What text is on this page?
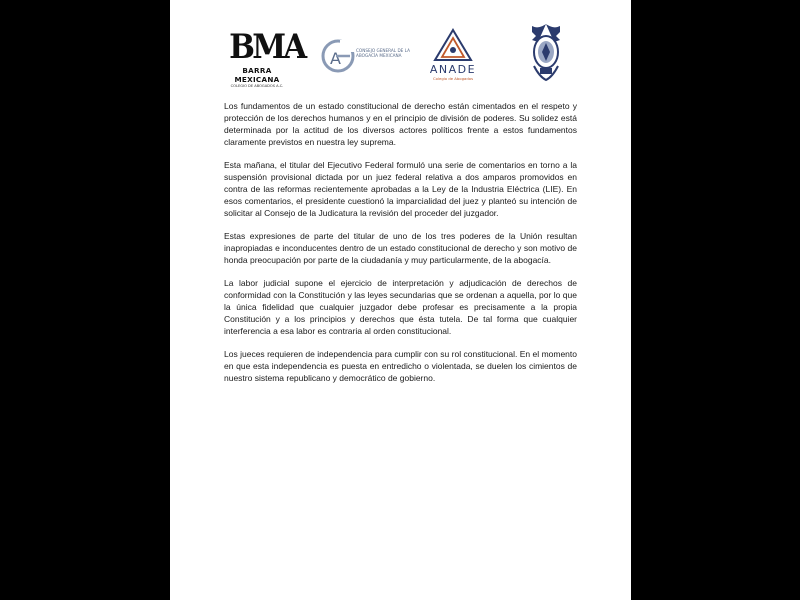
BMA
BARRA MEXICANA
COLEGIO DE ABOGADOS A.C.
A	CONSEJO GENERAL DE LA ABOGACÍA MEXICANA
ANADE
Colegio de Abogados

Los fundamentos de un estado constitucional de derecho están cimentados en el respeto y protección de los derechos humanos y en el principio de división de poderes. Su solidez está determinada por la actitud de los diversos actores políticos frente a estos fundamentos claramente previstos en nuestra ley suprema.

Esta mañana, el titular del Ejecutivo Federal formuló una serie de comentarios en torno a la suspensión provisional dictada por un juez federal relativa a dos amparos promovidos en contra de las reformas recientemente aprobadas a la Ley de la Industria Eléctrica (LIE). En esos comentarios, el presidente cuestionó la imparcialidad del juez y planteó su intención de solicitar al Consejo de la Judicatura la revisión del proceder del juzgador.

Estas expresiones de parte del titular de uno de los tres poderes de la Unión resultan inapropiadas e inconducentes dentro de un estado constitucional de derecho y son motivo de honda preocupación por parte de la ciudadanía y muy particularmente, de la abogacía.

La labor judicial supone el ejercicio de interpretación y adjudicación de derechos de conformidad con la Constitución y las leyes secundarias que se ordenan a aquella, por lo que la única fidelidad que cualquier juzgador debe profesar es precisamente a la propia Constitución y a los principios y derechos que ésta tutela. De tal forma que cualquier interferencia a esa labor es contraria al orden constitucional.

Los jueces requieren de independencia para cumplir con su rol constitucional. En el momento en que esta independencia es puesta en entredicho o violentada, se duelen los cimientos de nuestro sistema republicano y democrático de gobierno.
